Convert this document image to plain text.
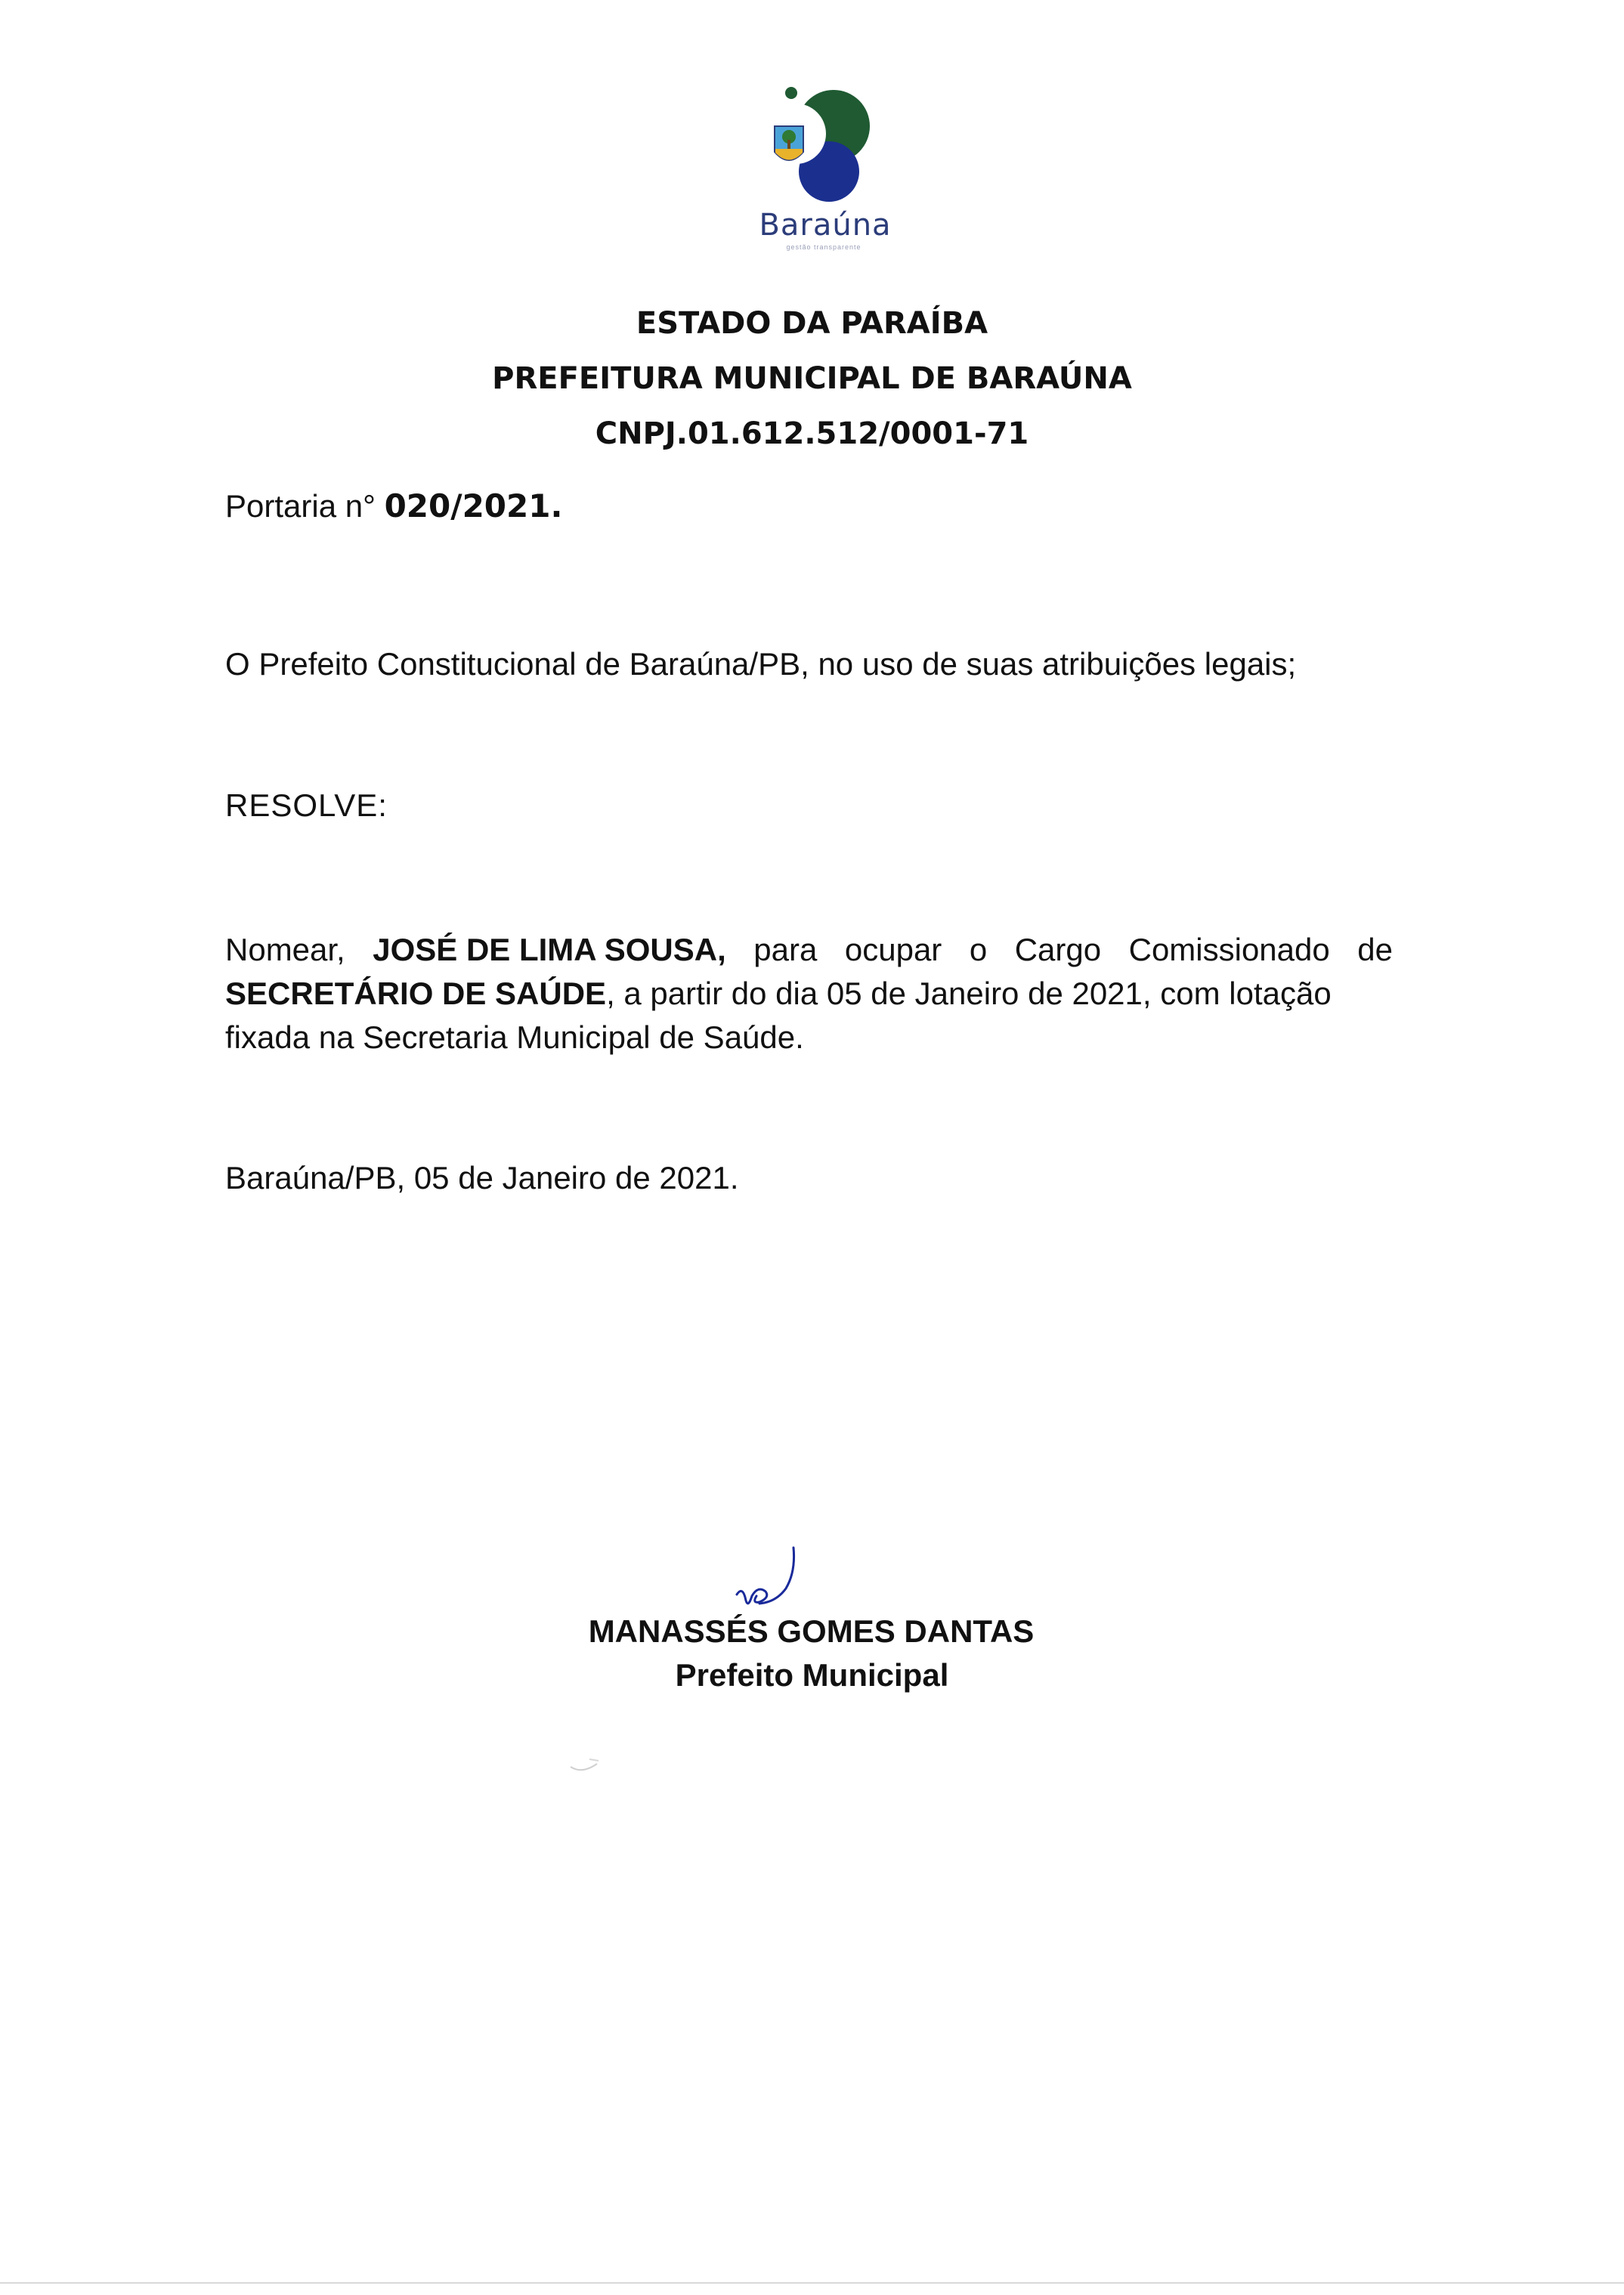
Baraúna
gestão transparente
ESTADO DA PARAÍBA
PREFEITURA MUNICIPAL DE BARAÚNA
CNPJ.01.612.512/0001-71
Portaria n° 020/2021.
O Prefeito Constitucional de Baraúna/PB, no uso de suas atribuições legais;
RESOLVE:
Nomear, JOSÉ DE LIMA SOUSA, para ocupar o Cargo Comissionado de
SECRETÁRIO DE SAÚDE, a partir do dia 05 de Janeiro de 2021, com lotação
fixada na Secretaria Municipal de Saúde.
Baraúna/PB, 05 de Janeiro de 2021.
MANASSÉS GOMES DANTAS
Prefeito Municipal
